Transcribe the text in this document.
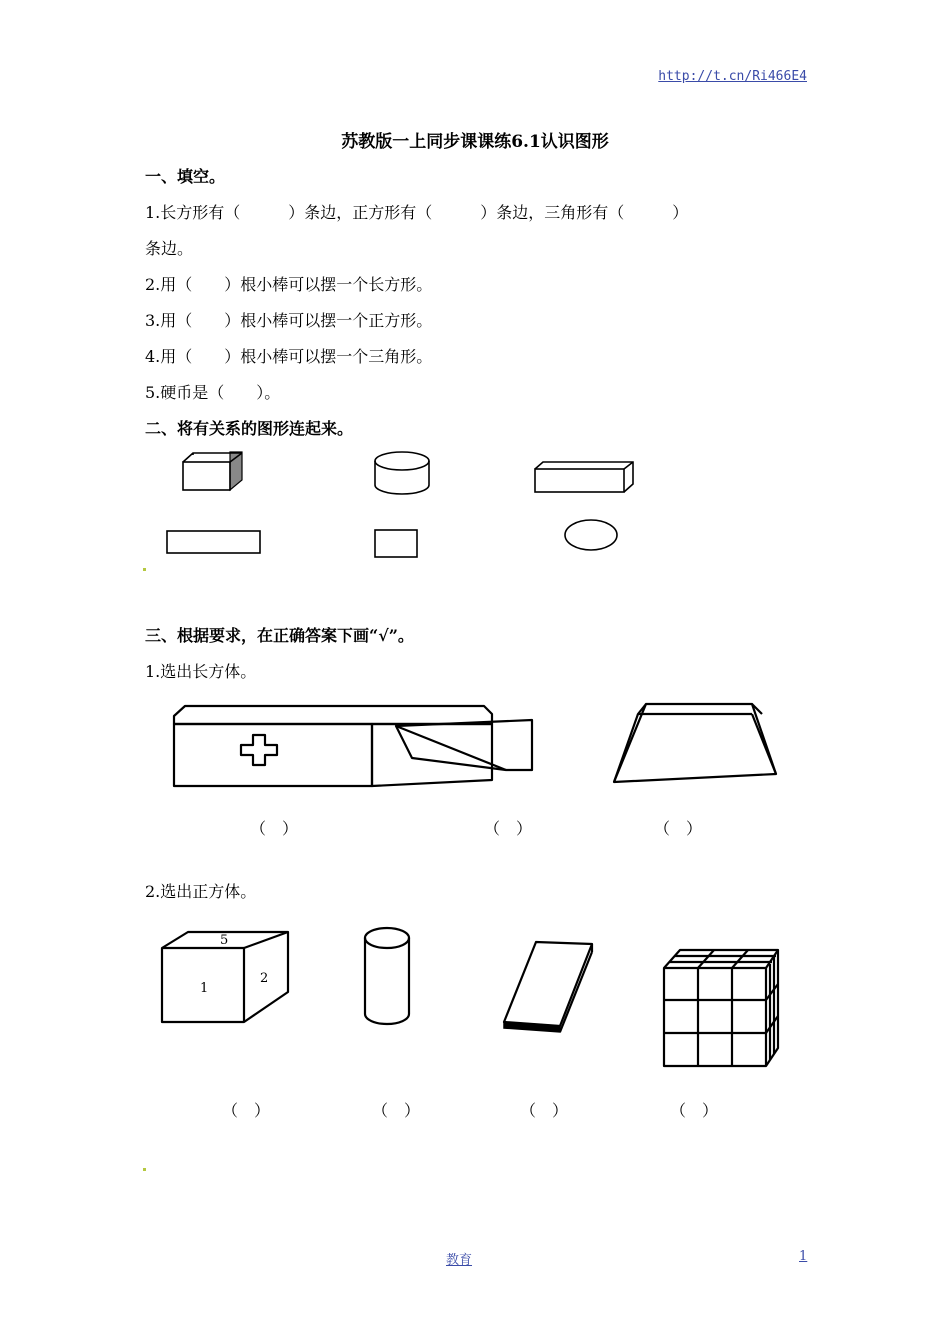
http://t.cn/Ri466E4
苏教版一上同步课课练6.1认识图形
一、填空。
1.长方形有（　　　）条边，正方形有（　　　）条边，三角形有（　　　）
条边。
2.用（　　）根小棒可以摆一个长方形。
3.用（　　）根小棒可以摆一个正方形。
4.用（　　）根小棒可以摆一个三角形。
5.硬币是（　　）。
二、将有关系的图形连起来。
三、根据要求，在正确答案下画“√”。
1.选出长方体。
（　）	（　）	（　）
2.选出正方体。
5
1
2
（　）	（　）	（　）	（　）
教育	1
